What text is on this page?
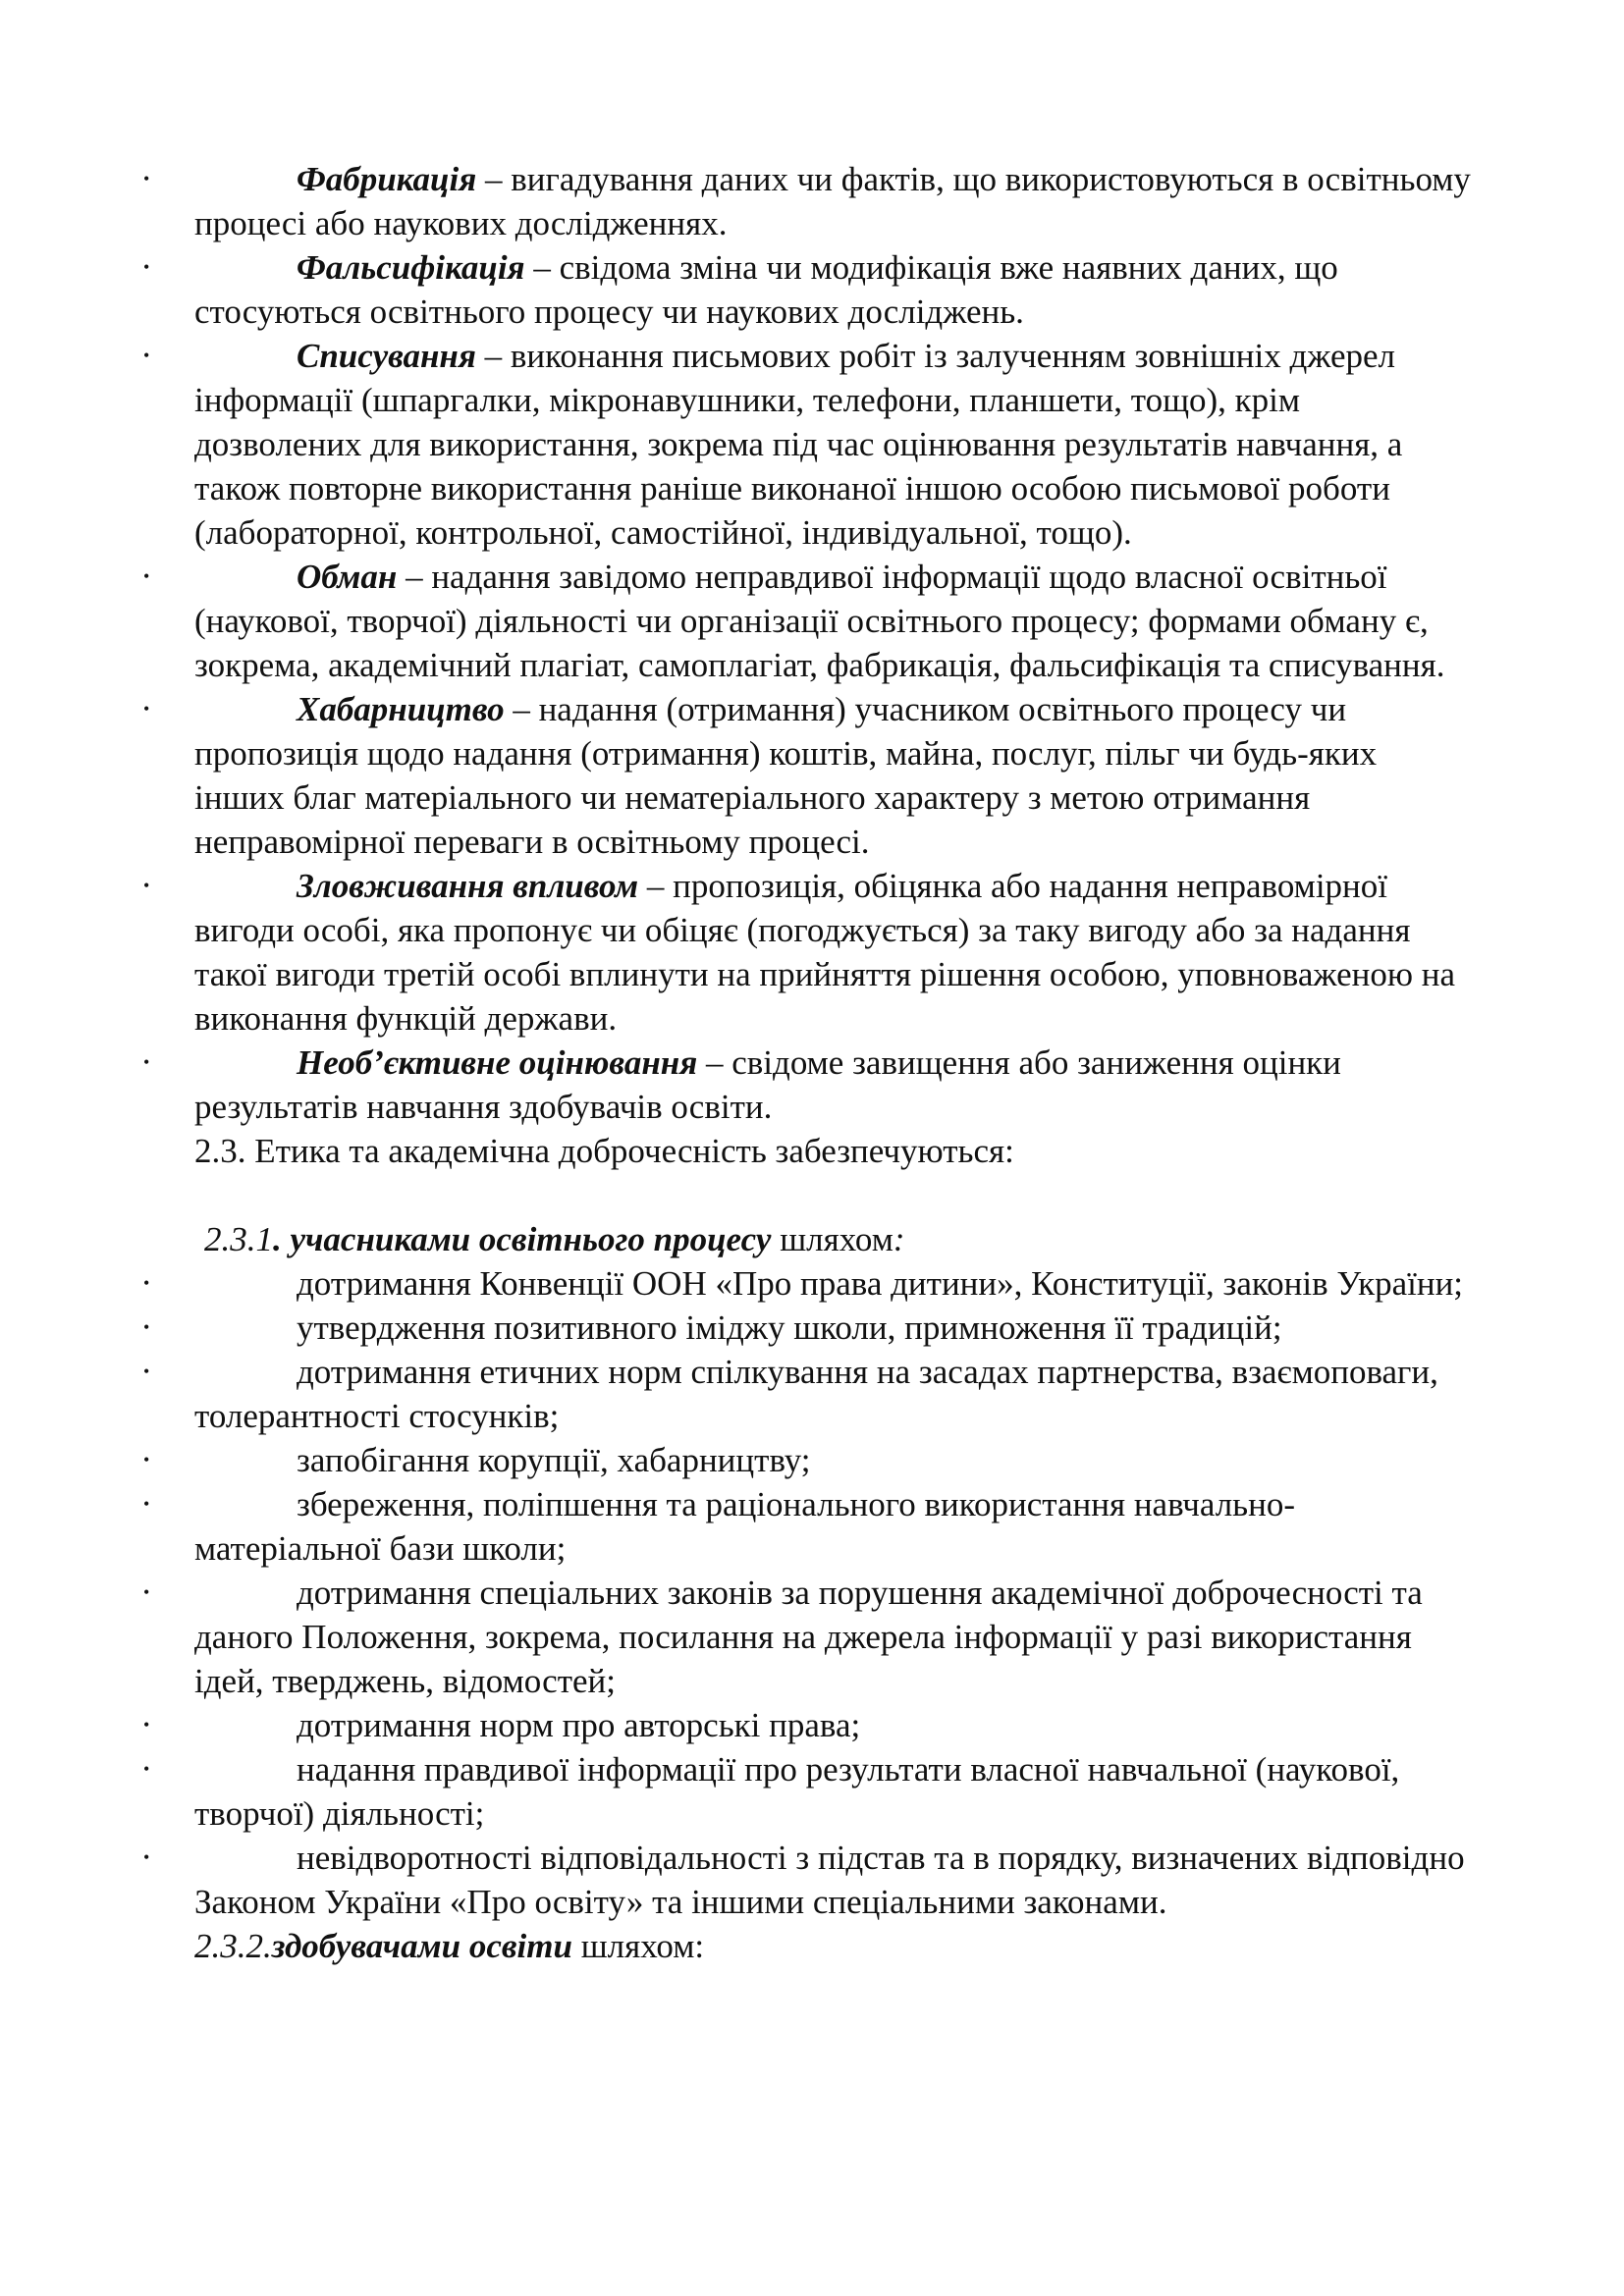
•	Фабрикація – вигадування даних чи фактів, що використовуються в освітньому процесі або наукових дослідженнях.

•	Фальсифікація – свідома зміна чи модифікація вже наявних даних, що стосуються освітнього процесу чи наукових досліджень.

•	Списування – виконання письмових робіт із залученням зовнішніх джерел інформації (шпаргалки, мікронавушники, телефони, планшети, тощо), крім дозволених для використання, зокрема під час оцінювання результатів навчання, а також повторне використання раніше виконаної іншою особою письмової роботи (лабораторної, контрольної, самостійної, індивідуальної, тощо).

•	Обман – надання завідомо неправдивої інформації щодо власної освітньої (наукової, творчої) діяльності чи організації освітнього процесу; формами обману є, зокрема, академічний плагіат, самоплагіат, фабрикація, фальсифікація та списування.

•	Хабарництво – надання (отримання) учасником освітнього процесу чи пропозиція щодо надання (отримання) коштів, майна, послуг, пільг чи будь-яких інших благ матеріального чи нематеріального характеру з метою отримання неправомірної переваги в освітньому процесі.

•	Зловживання впливом – пропозиція, обіцянка або надання неправомірної вигоди особі, яка пропонує чи обіцяє (погоджується) за таку вигоду або за надання такої вигоди третій особі вплинути на прийняття рішення особою, уповноваженою на виконання функцій держави.

•	Необ’єктивне оцінювання – свідоме завищення або заниження оцінки результатів навчання здобувачів освіти.

2.3. Етика та академічна доброчесність забезпечуються:

2.3.1. учасниками освітнього процесу шляхом:

•	дотримання Конвенції ООН «Про права дитини», Конституції, законів України;

•	утвердження позитивного іміджу школи, примноження її традицій;

•	дотримання етичних норм спілкування на засадах партнерства, взаємоповаги, толерантності стосунків;

•	запобігання корупції, хабарництву;

•	збереження, поліпшення та раціонального використання навчально-матеріальної бази школи;

•	дотримання спеціальних законів за порушення академічної доброчесності та даного Положення, зокрема, посилання на джерела інформації у разі використання ідей, тверджень, відомостей;

•	дотримання норм про авторські права;

•	надання правдивої інформації про результати власної навчальної (наукової, творчої) діяльності;

•	невідворотності відповідальності з підстав та в порядку, визначених відповідно Законом України «Про освіту» та іншими спеціальними законами.

2.3.2.здобувачами освіти шляхом:
